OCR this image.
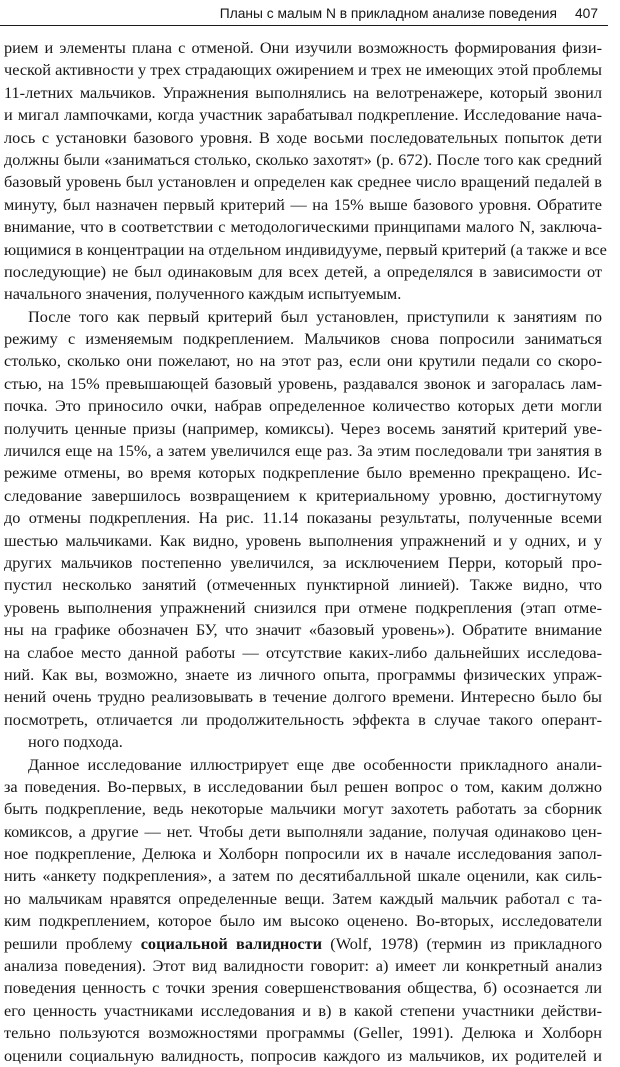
Планы с малым N в прикладном анализе поведения 407
рием и элементы плана с отменой. Они изучили возможность формирования физи-
ческой активности у трех страдающих ожирением и трех не имеющих этой проблемы
11-летних мальчиков. Упражнения выполнялись на велотренажере, который звонил
и мигал лампочками, когда участник зарабатывал подкрепление. Исследование нача-
лось с установки базового уровня. В ходе восьми последовательных попыток дети
должны были «заниматься столько, сколько захотят» (р. 672). После того как средний
базовый уровень был установлен и определен как среднее число вращений педалей в
минуту, был назначен первый критерий — на 15% выше базового уровня. Обратите
внимание, что в соответствии с методологическими принципами малого N, заключа-
ющимися в концентрации на отдельном индивидууме, первый критерий (а также и все
последующие) не был одинаковым для всех детей, а определялся в зависимости от
начального значения, полученного каждым испытуемым.
После того как первый критерий был установлен, приступили к занятиям по
режиму с изменяемым подкреплением. Мальчиков снова попросили заниматься
столько, сколько они пожелают, но на этот раз, если они крутили педали со скоро-
стью, на 15% превышающей базовый уровень, раздавался звонок и загоралась лам-
почка. Это приносило очки, набрав определенное количество которых дети могли
получить ценные призы (например, комиксы). Через восемь занятий критерий уве-
личился еще на 15%, а затем увеличился еще раз. За этим последовали три занятия в
режиме отмены, во время которых подкрепление было временно прекращено. Ис-
следование завершилось возвращением к критериальному уровню, достигнутому
до отмены подкрепления. На рис. 11.14 показаны результаты, полученные всеми
шестью мальчиками. Как видно, уровень выполнения упражнений и у одних, и у
других мальчиков постепенно увеличился, за исключением Перри, который про-
пустил несколько занятий (отмеченных пунктирной линией). Также видно, что
уровень выполнения упражнений снизился при отмене подкрепления (этап отме-
ны на графике обозначен БУ, что значит «базовый уровень»). Обратите внимание
на слабое место данной работы — отсутствие каких-либо дальнейших исследова-
ний. Как вы, возможно, знаете из личного опыта, программы физических упраж-
нений очень трудно реализовывать в течение долгого времени. Интересно было бы
посмотреть, отличается ли продолжительность эффекта в случае такого оперант-
ного подхода.
Данное исследование иллюстрирует еще две особенности прикладного анали-
за поведения. Во-первых, в исследовании был решен вопрос о том, каким должно
быть подкрепление, ведь некоторые мальчики могут захотеть работать за сборник
комиксов, а другие — нет. Чтобы дети выполняли задание, получая одинаково цен-
ное подкрепление, Делюка и Холборн попросили их в начале исследования запол-
нить «анкету подкрепления», а затем по десятибалльной шкале оценили, как силь-
но мальчикам нравятся определенные вещи. Затем каждый мальчик работал с та-
ким подкреплением, которое было им высоко оценено. Во-вторых, исследователи
решили проблему социальной валидности (Wolf, 1978) (термин из прикладного
анализа поведения). Этот вид валидности говорит: а) имеет ли конкретный анализ
поведения ценность с точки зрения совершенствования общества, б) осознается ли
его ценность участниками исследования и в) в какой степени участники действи-
тельно пользуются возможностями программы (Geller, 1991). Делюка и Холборн
оценили социальную валидность, попросив каждого из мальчиков, их родителей и
